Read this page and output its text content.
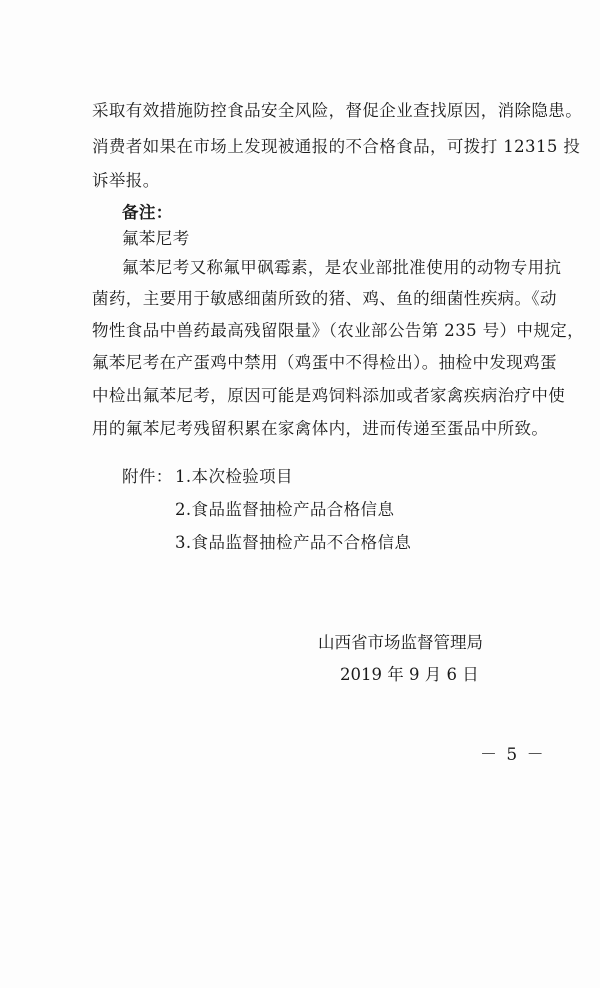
采取有效措施防控食品安全风险，督促企业查找原因，消除隐患。
消费者如果在市场上发现被通报的不合格食品，可拨打 12315 投
诉举报。
备注：
氟苯尼考
氟苯尼考又称氟甲砜霉素，是农业部批准使用的动物专用抗
菌药，主要用于敏感细菌所致的猪、鸡、鱼的细菌性疾病。《动
物性食品中兽药最高残留限量》（农业部公告第 235 号）中规定，
氟苯尼考在产蛋鸡中禁用（鸡蛋中不得检出）。抽检中发现鸡蛋
中检出氟苯尼考，原因可能是鸡饲料添加或者家禽疾病治疗中使
用的氟苯尼考残留积累在家禽体内，进而传递至蛋品中所致。
附件： 1.本次检验项目
2.食品监督抽检产品合格信息
3.食品监督抽检产品不合格信息
山西省市场监督管理局
2019 年 9 月 6 日
－ 5 －
